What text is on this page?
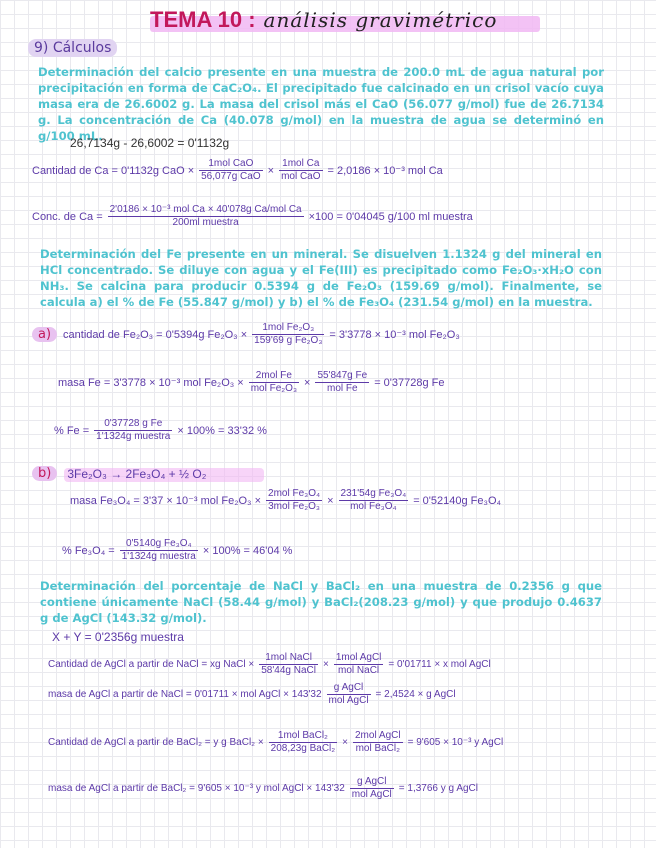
TEMA 10 : análisis gravimétrico
9) Cálculos
Determinación del calcio presente en una muestra de 200.0 mL de agua natural por precipitación en forma de CaC₂O₄. El precipitado fue calcinado en un crisol vacío cuya masa era de 26.6002 g. La masa del crisol más el CaO (56.077 g/mol) fue de 26.7134 g. La concentración de Ca (40.078 g/mol) en la muestra de agua se determinó en g/100 mL.
26,7134g - 26,6002 = 0'1132g
Cantidad de Ca = 0'1132g CaO × $\frac{\text{1mol CaO}}{\text{56,077g CaO}} \times \frac{\text{1mol Ca}}{\text{mol CaO}} = 2,0186 \times 10^{-3}$ mol Ca
Conc. de $Ca = \frac{\text{2'0186 × 10⁻³ mol Ca × 40'078g Ca/mol Ca}}{\text{200ml muestra}} \times 100 = 0'04045$ g/100 ml muestra
Determinación del Fe presente en un mineral. Se disuelven 1.1324 g del mineral en HCl concentrado. Se diluye con agua y el Fe(III) es precipitado como Fe₂O₃·xH₂O con NH₃. Se calcina para producir 0.5394 g de Fe₂O₃ (159.69 g/mol). Finalmente, se calcula a) el % de Fe (55.847 g/mol) y b) el % de Fe₃O₄ (231.54 g/mol) en la muestra.
a)	cantidad de Fe₂O₃ = 0'5394g $Fe_2O_3 \times \frac{\text{1mol Fe₂O₃}}{\text{159'69 g Fe₂O₃}} = 3'3778 \times 10^{-3}$ mol Fe₂O₃
masa Fe = 3'3778 × 10⁻³ mol $Fe_2O_3 \times \frac{\text{2mol Fe}}{\text{mol Fe₂O₃}} \times \frac{\text{55'847g Fe}}{\text{mol Fe}} = 0'37728g$ Fe
% $Fe = \frac{\text{0'37728 g Fe}}{\text{1'1324g muestra}} \times 100\% = 33'32$ %
b)	3Fe₂O₃ → 2Fe₃O₄ + ½ O₂
masa Fe₃O₄ = 3'37 × 10⁻³ mol $Fe_2O_3 \times \frac{\text{2mol Fe₃O₄}}{\text{3mol Fe₂O₃}} \times \frac{\text{231'54g Fe₃O₄}}{\text{mol Fe₃O₄}} = 0'52140g$ Fe₃O₄
% $Fe_3O_4 = \frac{\text{0'5140g Fe₃O₄}}{\text{1'1324g muestra}} \times 100\% = 46'04$ %
Determinación del porcentaje de NaCl y BaCl₂ en una muestra de 0.2356 g que contiene únicamente NaCl (58.44 g/mol) y BaCl₂(208.23 g/mol) y que produjo 0.4637 g de AgCl (143.32 g/mol).
X + Y = 0'2356g muestra
Cantidad de AgCl a partir de NaCl = xg NaCl × $\frac{\text{1mol NaCl}}{\text{58'44g NaCl}} \times \frac{\text{1mol AgCl}}{\text{mol NaCl}} = 0'01711 \times x$ mol AgCl
masa de AgCl a partir de NaCl = 0'01711 × mol AgCl × $143'32 \frac{\text{g AgCl}}{\text{mol AgCl}} = 2,4524 \times g$ AgCl
Cantidad de AgCl a partir de BaCl₂ = y g BaCl₂ × $\frac{\text{1mol BaCl₂}}{\text{208,23g BaCl₂}} \times \frac{\text{2mol AgCl}}{\text{mol BaCl₂}} = 9'605 \times 10^{-3}$ y AgCl
masa de AgCl a partir de BaCl₂ = 9'605 × 10⁻³ y mol AgCl × $143'32 \frac{\text{g AgCl}}{\text{mol AgCl}} = 1,3766$ y g AgCl
